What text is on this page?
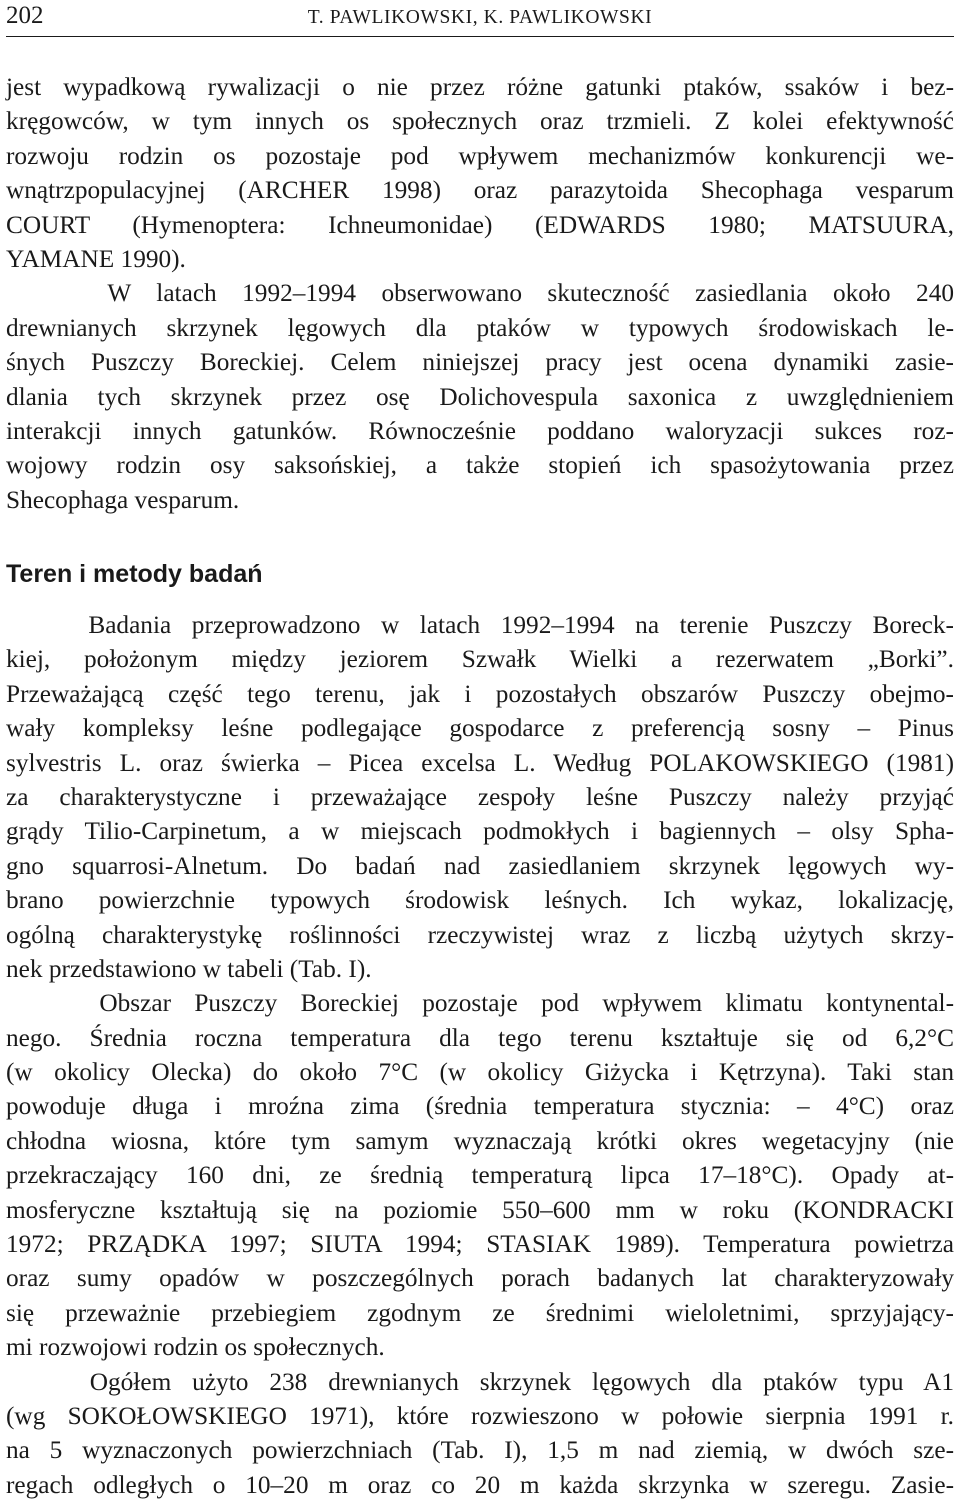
202	T. PAWLIKOWSKI, K. PAWLIKOWSKI
jest wypadkową rywalizacji o nie przez różne gatunki ptaków, ssaków i bez-
kręgowców, w tym innych os społecznych oraz trzmieli. Z kolei efektywność
rozwoju rodzin os pozostaje pod wpływem mechanizmów konkurencji we-
wnątrzpopulacyjnej (ARCHER 1998) oraz parazytoida Shecophaga vesparum
COURT (Hymenoptera: Ichneumonidae) (EDWARDS 1980; MATSUURA,
YAMANE 1990).
W latach 1992–1994 obserwowano skuteczność zasiedlania około 240
drewnianych skrzynek lęgowych dla ptaków w typowych środowiskach le-
śnych Puszczy Boreckiej. Celem niniejszej pracy jest ocena dynamiki zasie-
dlania tych skrzynek przez osę Dolichovespula saxonica z uwzględnieniem
interakcji innych gatunków. Równocześnie poddano waloryzacji sukces roz-
wojowy rodzin osy saksońskiej, a także stopień ich spasożytowania przez
Shecophaga vesparum.
Teren i metody badań
Badania przeprowadzono w latach 1992–1994 na terenie Puszczy Boreck-
kiej, położonym między jeziorem Szwałk Wielki a rezerwatem „Borki”.
Przeważającą część tego terenu, jak i pozostałych obszarów Puszczy obejmo-
wały kompleksy leśne podlegające gospodarce z preferencją sosny – Pinus
sylvestris L. oraz świerka – Picea excelsa L. Według POLAKOWSKIEGO (1981)
za charakterystyczne i przeważające zespoły leśne Puszczy należy przyjąć
grądy Tilio-Carpinetum, a w miejscach podmokłych i bagiennych – olsy Spha-
gno squarrosi-Alnetum. Do badań nad zasiedlaniem skrzynek lęgowych wy-
brano powierzchnie typowych środowisk leśnych. Ich wykaz, lokalizację,
ogólną charakterystykę roślinności rzeczywistej wraz z liczbą użytych skrzy-
nek przedstawiono w tabeli (Tab. I).
Obszar Puszczy Boreckiej pozostaje pod wpływem klimatu kontynental-
nego. Średnia roczna temperatura dla tego terenu kształtuje się od 6,2°C
(w okolicy Olecka) do około 7°C (w okolicy Giżycka i Kętrzyna). Taki stan
powoduje długa i mroźna zima (średnia temperatura stycznia: – 4°C) oraz
chłodna wiosna, które tym samym wyznaczają krótki okres wegetacyjny (nie
przekraczający 160 dni, ze średnią temperaturą lipca 17–18°C). Opady at-
mosferyczne kształtują się na poziomie 550–600 mm w roku (KONDRACKI
1972; PRZĄDKA 1997; SIUTA 1994; STASIAK 1989). Temperatura powietrza
oraz sumy opadów w poszczególnych porach badanych lat charakteryzowały
się przeważnie przebiegiem zgodnym ze średnimi wieloletnimi, sprzyjający-
mi rozwojowi rodzin os społecznych.
Ogółem użyto 238 drewnianych skrzynek lęgowych dla ptaków typu A1
(wg SOKOŁOWSKIEGO 1971), które rozwieszono w połowie sierpnia 1991 r.
na 5 wyznaczonych powierzchniach (Tab. I), 1,5 m nad ziemią, w dwóch sze-
regach odległych o 10–20 m oraz co 20 m każda skrzynka w szeregu. Zasie-
